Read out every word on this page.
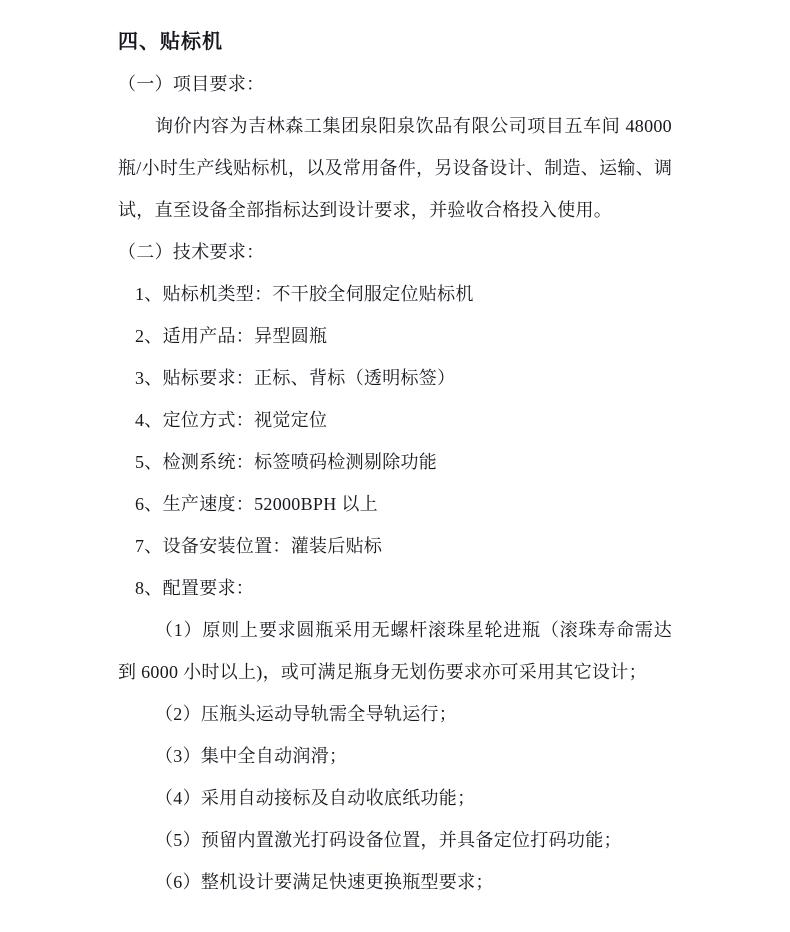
四、贴标机
（一）项目要求：
询价内容为吉林森工集团泉阳泉饮品有限公司项目五车间 48000
瓶/小时生产线贴标机，以及常用备件，另设备设计、制造、运输、调
试，直至设备全部指标达到设计要求，并验收合格投入使用。
（二）技术要求：
1、贴标机类型：不干胶全伺服定位贴标机
2、适用产品：异型圆瓶
3、贴标要求：正标、背标（透明标签）
4、定位方式：视觉定位
5、检测系统：标签喷码检测剔除功能
6、生产速度：52000BPH 以上
7、设备安装位置：灌装后贴标
8、配置要求：
（1）原则上要求圆瓶采用无螺杆滚珠星轮进瓶（滚珠寿命需达
到 6000 小时以上)，或可满足瓶身无划伤要求亦可采用其它设计；
（2）压瓶头运动导轨需全导轨运行；
（3）集中全自动润滑；
（4）采用自动接标及自动收底纸功能；
（5）预留内置激光打码设备位置，并具备定位打码功能；
（6）整机设计要满足快速更换瓶型要求；
